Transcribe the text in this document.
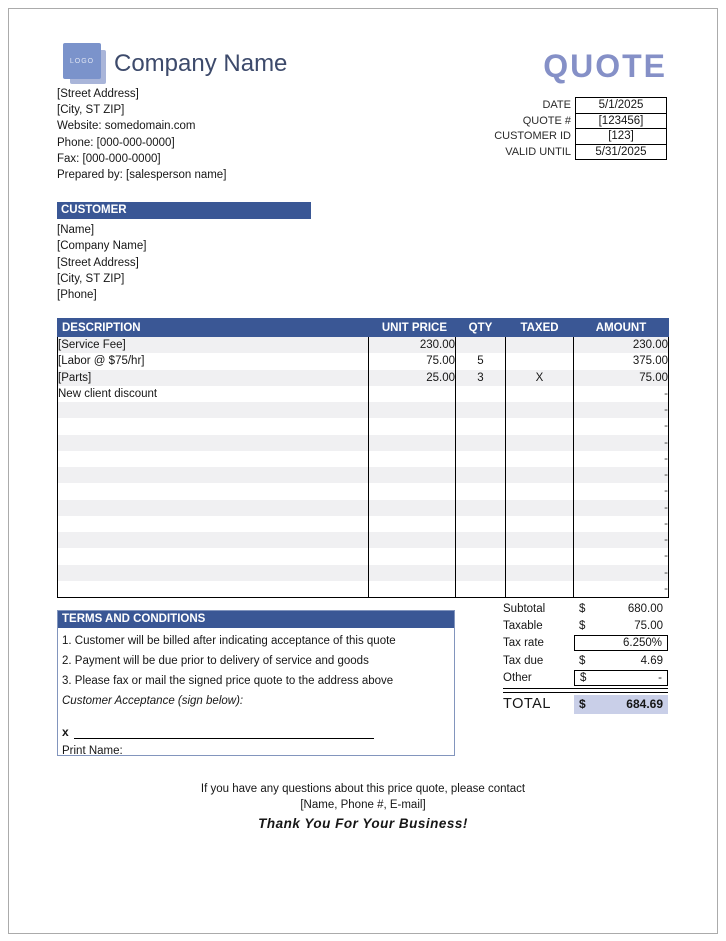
LOGO Company Name	QUOTE
[Street Address]
[City, ST ZIP]
Website: somedomain.com
Phone: [000-000-0000]
Fax: [000-000-0000]
Prepared by: [salesperson name]
DATE	5/1/2025
QUOTE #	[123456]
CUSTOMER ID	[123]
VALID UNTIL	5/31/2025
CUSTOMER
[Name]
[Company Name]
[Street Address]
[City, ST ZIP]
[Phone]
DESCRIPTION	UNIT PRICE	QTY	TAXED	AMOUNT
[Service Fee]	230.00			230.00
[Labor @ $75/hr]	75.00	5		375.00
[Parts]	25.00	3	X	75.00
New client discount				-
				-
				-
				-
				-
				-
				-
				-
				-
				-
				-
				-
				-
TERMS AND CONDITIONS
1. Customer will be billed after indicating acceptance of this quote
2. Payment will be due prior to delivery of service and goods
3. Please fax or mail the signed price quote to the address above
Customer Acceptance (sign below):
x
Print Name:
Subtotal	$	680.00
Taxable	$	75.00
Tax rate	6.250%
Tax due	$	4.69
Other	$	-
TOTAL	$	684.69
If you have any questions about this price quote, please contact
[Name, Phone #, E-mail]
Thank You For Your Business!
